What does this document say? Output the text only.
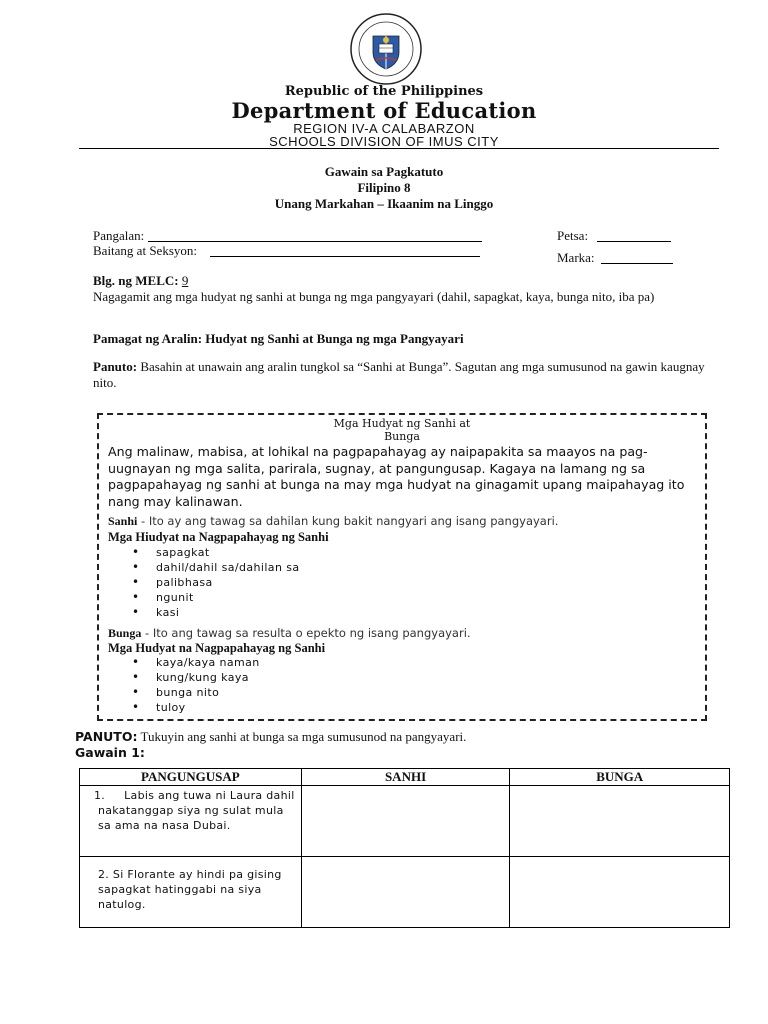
Republic of the Philippines
Department of Education
REGION IV-A CALABARZON
SCHOOLS DIVISION OF IMUS CITY
Gawain sa Pagkatuto
Filipino 8
Unang Markahan – Ikaanim na Linggo
Pangalan:
Baitang at Seksyon:
Petsa:
Marka:
Blg. ng MELC: 9
Nagagamit ang mga hudyat ng sanhi at bunga ng mga pangyayari (dahil, sapagkat, kaya, bunga nito, iba pa)
Pamagat ng Aralin: Hudyat ng Sanhi at Bunga ng mga Pangyayari
Panuto: Basahin at unawain ang aralin tungkol sa “Sanhi at Bunga”. Sagutan ang mga sumusunod na gawin kaugnay nito.
Mga Hudyat ng Sanhi at
Bunga
Ang malinaw, mabisa, at lohikal na pagpapahayag ay naipapakita sa maayos na pag- uugnayan ng mga salita, parirala, sugnay, at pangungusap. Kagaya na lamang ng sa pagpapahayag ng sanhi at bunga na may mga hudyat na ginagamit upang maipahayag ito nang may kalinawan.
Sanhi - Ito ay ang tawag sa dahilan kung bakit nangyari ang isang pangyayari.
Mga Hiudyat na Nagpapahayag ng Sanhi
• sapagkat
• dahil/dahil sa/dahilan sa
• palibhasa
• ngunit
• kasi
Bunga - Ito ang tawag sa resulta o epekto ng isang pangyayari.
Mga Hudyat na Nagpapahayag ng Sanhi
• kaya/kaya naman
• kung/kung kaya
• bunga nito
• tuloy
PANUTO: Tukuyin ang sanhi at bunga sa mga sumusunod na pangyayari.
Gawain 1:
PANGUNGUSAP	SANHI	BUNGA

1. Labis ang tuwa ni Laura dahil nakatanggap siya ng sulat mula sa ama na nasa Dubai.		

2. Si Florante ay hindi pa gising sapagkat hatinggabi na siya natulog.		
